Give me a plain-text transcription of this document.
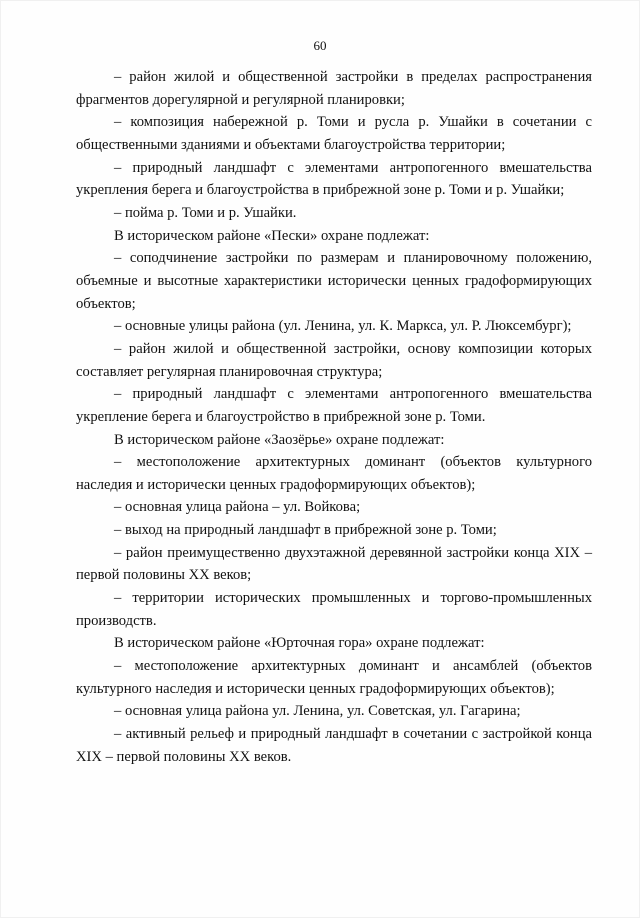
60

– район жилой и общественной застройки в пределах распространения фрагментов дорегулярной и регулярной планировки;

– композиция набережной р. Томи и русла р. Ушайки в сочетании с общественными зданиями и объектами благоустройства территории;

– природный ландшафт с элементами антропогенного вмешательства укрепления берега и благоустройства в прибрежной зоне р. Томи и р. Ушайки;

– пойма р. Томи и р. Ушайки.

В историческом районе «Пески» охране подлежат:

– соподчинение застройки по размерам и планировочному положению, объемные и высотные характеристики исторически ценных градоформирующих объектов;

– основные улицы района (ул. Ленина, ул. К. Маркса, ул. Р. Люксембург);

– район жилой и общественной застройки, основу композиции которых составляет регулярная планировочная структура;

– природный ландшафт с элементами антропогенного вмешательства укрепление берега и благоустройство в прибрежной зоне р. Томи.

В историческом районе «Заозёрье» охране подлежат:

– местоположение архитектурных доминант (объектов культурного наследия и исторически ценных градоформирующих объектов);

– основная улица района – ул. Войкова;

– выход на природный ландшафт в прибрежной зоне р. Томи;

– район преимущественно двухэтажной деревянной застройки конца XIX – первой половины XX веков;

– территории исторических промышленных и торгово-промышленных производств.

В историческом районе «Юрточная гора» охране подлежат:

– местоположение архитектурных доминант и ансамблей (объектов культурного наследия и исторически ценных градоформирующих объектов);

– основная улица района ул. Ленина, ул. Советская, ул. Гагарина;

– активный рельеф и природный ландшафт в сочетании с застройкой конца XIX – первой половины XX веков.
